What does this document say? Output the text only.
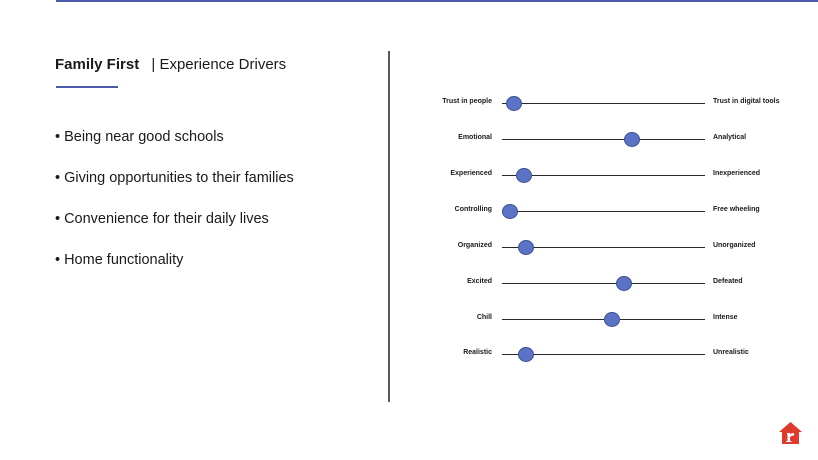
Family First | Experience Drivers
• Being near good schools
• Giving opportunities to their families
• Convenience for their daily lives
• Home functionality
Trust in people	Trust in digital tools
Emotional	Analytical
Experienced	Inexperienced
Controlling	Free wheeling
Organized	Unorganized
Excited	Defeated
Chill	Intense
Realistic	Unrealistic
